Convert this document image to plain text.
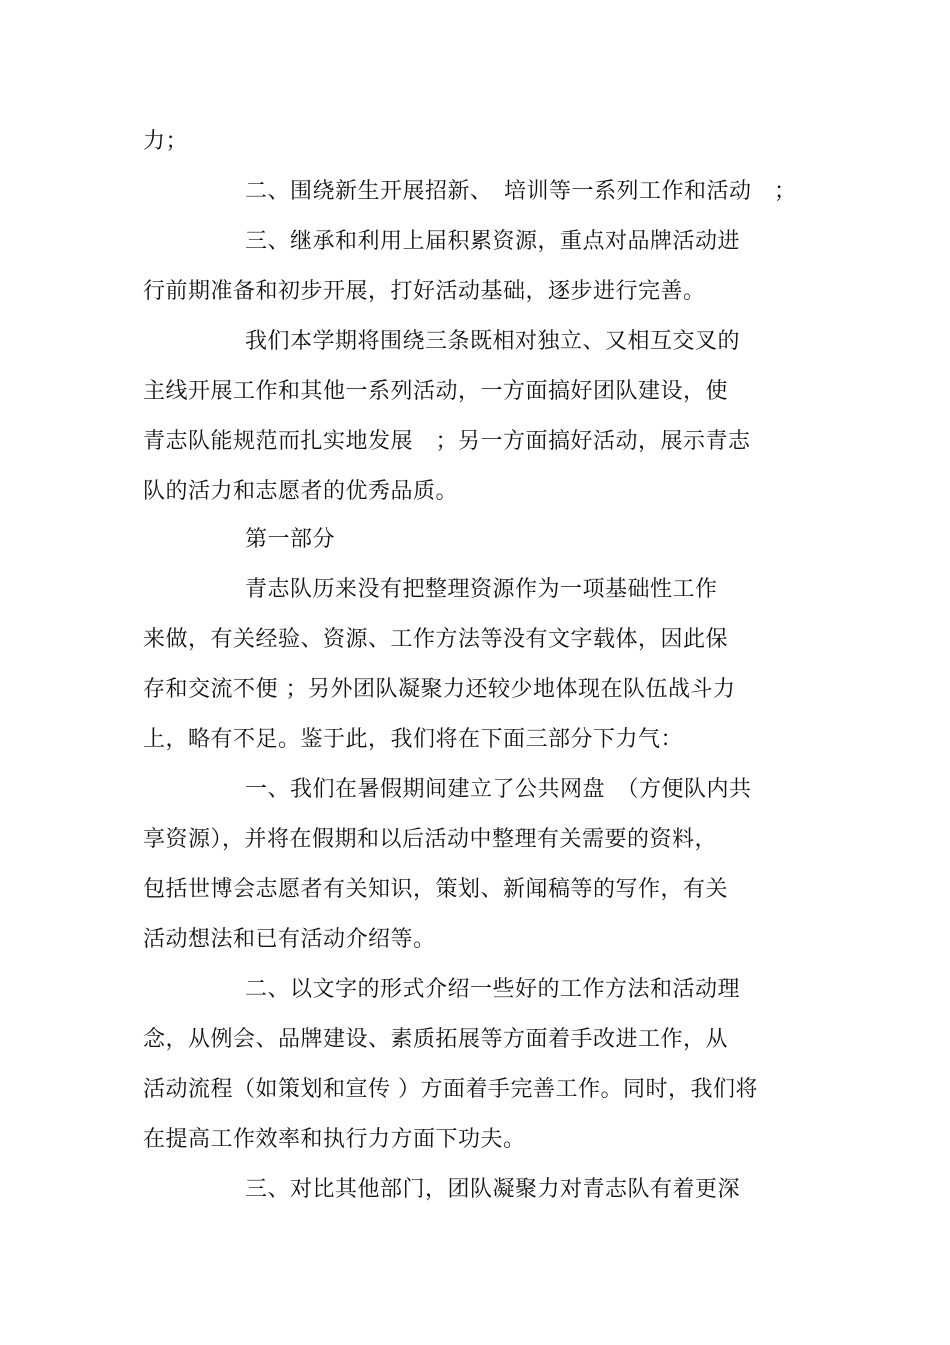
力；
二、围绕新生开展招新、　培训等一系列工作和活动　；
三、继承和利用上届积累资源，重点对品牌活动进
行前期准备和初步开展，打好活动基础，逐步进行完善。
我们本学期将围绕三条既相对独立、又相互交叉的
主线开展工作和其他一系列活动，一方面搞好团队建设，使
青志队能规范而扎实地发展　；另一方面搞好活动，展示青志
队的活力和志愿者的优秀品质。
第一部分
青志队历来没有把整理资源作为一项基础性工作
来做，有关经验、资源、工作方法等没有文字载体，因此保
存和交流不便 ；另外团队凝聚力还较少地体现在队伍战斗力
上，略有不足。鉴于此，我们将在下面三部分下力气：
一、我们在暑假期间建立了公共网盘　（方便队内共
享资源），并将在假期和以后活动中整理有关需要的资料，
包括世博会志愿者有关知识，策划、新闻稿等的写作，有关
活动想法和已有活动介绍等。
二、以文字的形式介绍一些好的工作方法和活动理
念，从例会、品牌建设、素质拓展等方面着手改进工作，从
活动流程（如策划和宣传 ）方面着手完善工作。同时，我们将
在提高工作效率和执行力方面下功夫。
三、对比其他部门，团队凝聚力对青志队有着更深
